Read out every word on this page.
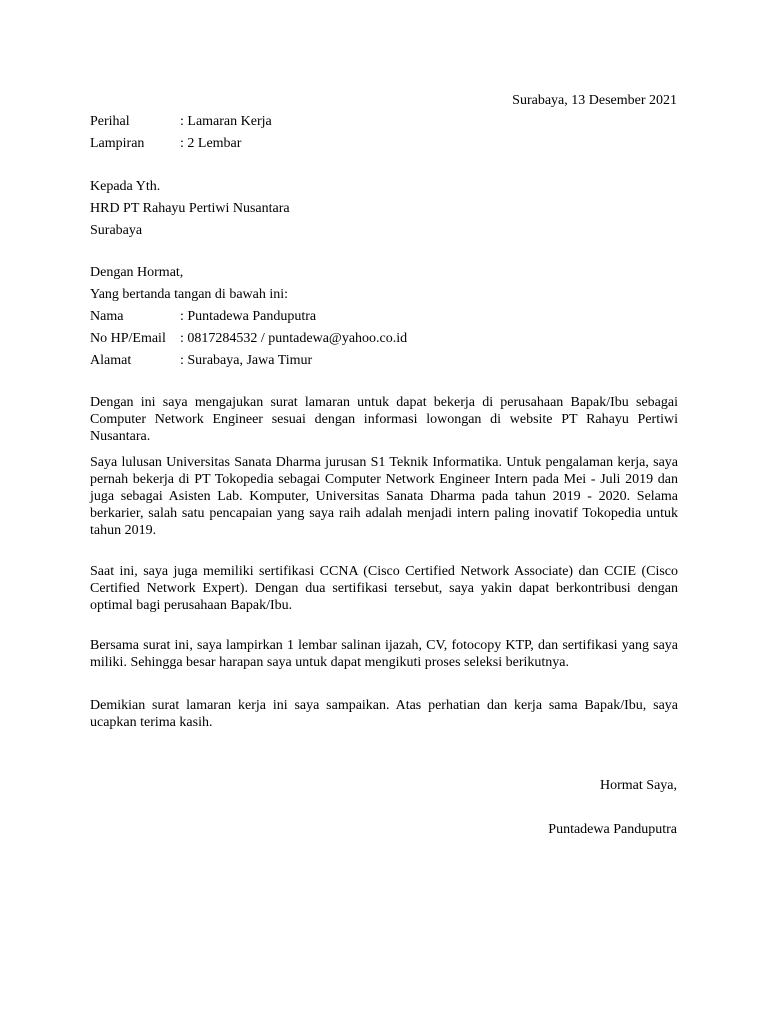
Surabaya, 13 Desember 2021
Perihal	: Lamaran Kerja
Lampiran	: 2 Lembar
Kepada Yth.
HRD PT Rahayu Pertiwi Nusantara
Surabaya
Dengan Hormat,
Yang bertanda tangan di bawah ini:
Nama	: Puntadewa Panduputra
No HP/Email	: 0817284532 / puntadewa@yahoo.co.id
Alamat	: Surabaya, Jawa Timur

Dengan ini saya mengajukan surat lamaran untuk dapat bekerja di perusahaan Bapak/Ibu sebagai Computer Network Engineer sesuai dengan informasi lowongan di website PT Rahayu Pertiwi Nusantara.

Saya lulusan Universitas Sanata Dharma jurusan S1 Teknik Informatika. Untuk pengalaman kerja, saya pernah bekerja di PT Tokopedia sebagai Computer Network Engineer Intern pada Mei - Juli 2019 dan juga sebagai Asisten Lab. Komputer, Universitas Sanata Dharma pada tahun 2019 - 2020. Selama berkarier, salah satu pencapaian yang saya raih adalah menjadi intern paling inovatif Tokopedia untuk tahun 2019.

Saat ini, saya juga memiliki sertifikasi CCNA (Cisco Certified Network Associate) dan CCIE (Cisco Certified Network Expert). Dengan dua sertifikasi tersebut, saya yakin dapat berkontribusi dengan optimal bagi perusahaan Bapak/Ibu.

Bersama surat ini, saya lampirkan 1 lembar salinan ijazah, CV, fotocopy KTP, dan sertifikasi yang saya miliki. Sehingga besar harapan saya untuk dapat mengikuti proses seleksi berikutnya.

Demikian surat lamaran kerja ini saya sampaikan. Atas perhatian dan kerja sama Bapak/Ibu, saya ucapkan terima kasih.

Hormat Saya,
Puntadewa Panduputra
